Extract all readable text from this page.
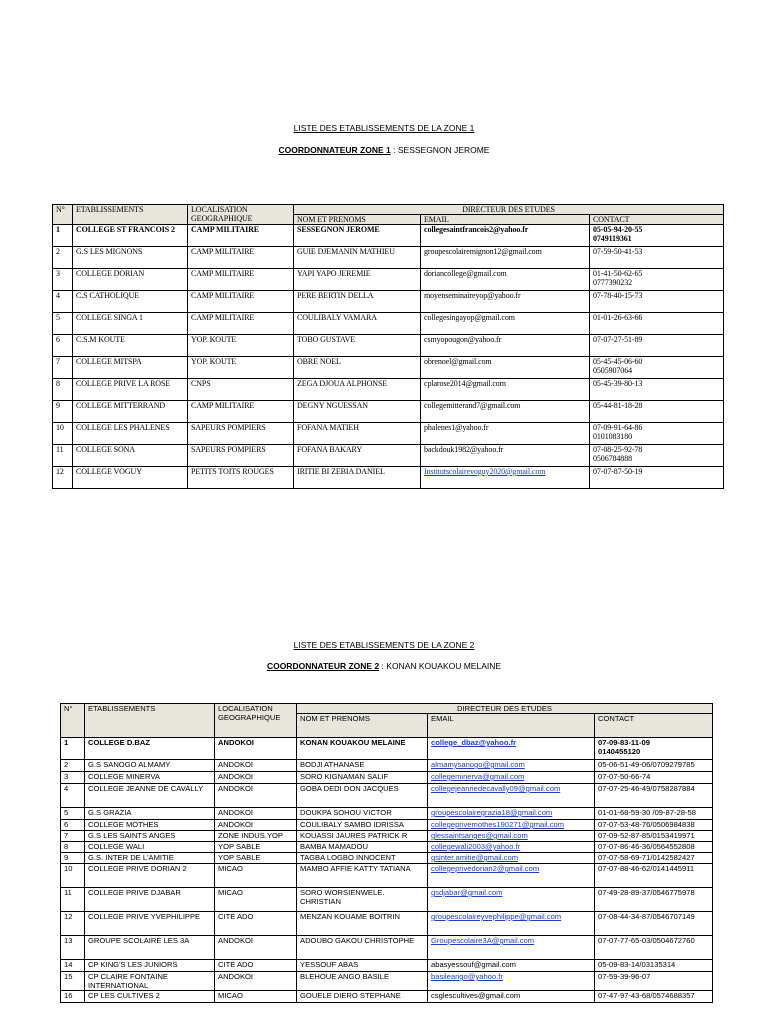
LISTE DES ETABLISSEMENTS DE LA ZONE 1
COORDONNATEUR ZONE 1 : SESSEGNON JEROME
N°	ETABLISSEMENTS	LOCALISATION GEOGRAPHIQUE	DIRECTEUR DES ETUDES		
			NOM ET PRENOMS	EMAIL	CONTACT
1	COLLEGE ST FRANCOIS 2	CAMP MILITAIRE	SESSEGNON JEROME	collegesaintfrancois2@yahoo.fr	05-05-94-20-55
0749119361
2	G.S LES MIGNONS	CAMP MILITAIRE	GUIE DJEMANIN MATHIEU	groupescolairemignon12@gmail.com	07-59-50-41-53
3	COLLEGE DORIAN	CAMP MILITAIRE	YAPI YAPO JEREMIE	doriancollege@gmail.com	01-41-50-62-65
0777390232
4	C.S CATHOLIQUE	CAMP MILITAIRE	PERE BERTIN DELLA	moyenseminaireyop@yahoo.fr	07-78-40-15-73
5	COLLEGE SINGA 1	CAMP MILITAIRE	COULIBALY VAMARA	collegesingayop@gmail.com	01-01-26-63-66
6	C.S.M KOUTE	YOP. KOUTE	TOBO GUSTAVE	csmyopougon@yahoo.fr	07-07-27-51-89
7	COLLEGE MITSPA	YOP. KOUTE	OBRE NOEL	obrenoel@gmail.com	05-45-45-06-60
0505907064
8	COLLEGE PRIVE LA ROSE	CNPS	ZEGA DJOUA ALPHONSE	cplarose2014@gmail.com	05-45-39-80-13
9	COLLEGE MITTERRAND	CAMP MILITAIRE	DEGNY NGUESSAN	collegemitterand7@gmail.com	05-44-81-18-28
10	COLLEGE LES PHALENES	SAPEURS POMPIERS	FOFANA MATIEH	phalenes1@yahoo.fr	07-09-91-64-86
0101083180
11	COLLEGE SONA	SAPEURS POMPIERS	FOFANA BAKARY	backdouk1982@yahoo.fr	07-08-25-92-78
0506784888
12	COLLEGE VOGUY	PETITS TOITS ROUGES	IRITIE BI ZEBIA DANIEL	Institutscolairevoguy2020@gmail.com	07-07-87-50-19
LISTE DES ETABLISSEMENTS DE LA ZONE 2
COORDONNATEUR ZONE 2 : KONAN KOUAKOU MELAINE
N°	ETABLISSEMENTS	LOCALISATION GEOGRAPHIQUE	DIRECTEUR DES ETUDES		
			NOM ET PRENOMS	EMAIL	CONTACT
1	COLLEGE D.BAZ	ANDOKOI	KONAN KOUAKOU MELAINE	college_dbaz@yahoo.fr	07-09-83-11-09
0140455120
2	G.S SANOGO ALMAMY	ANDOKOI	BODJI ATHANASE	almamysanogo@gmail.com	05-06-51-49-06/0709279785
3	COLLEGE MINERVA	ANDOKOI	SORO KIGNAMAN SALIF	collegeminerva@gmail.com	07-07-50-66-74
4	COLLEGE JEANNE DE CAVALLY	ANDOKOI	GOBA DEDI DON JACQUES	collegejeannedecavally09@gmail.com	07-07-25-46-49/0758287884
5	G.S GRAZIA	ANDOKOI	DOUKPA SOHOU VICTOR	groupescolairegrazia18@gmail.com	01-01-68-59-30 /09-87-28-58
6	COLLEGE MOTHES	ANDOKOI	COULIBALY SAMBO IDRISSA	collegeprivemothes190271@gmail.com	07-07-53-48-76/0506984838
7	G.S LES SAINTS ANGES	ZONE INDUS.YOP	KOUASSI JAURES PATRICK R	glessaintsanges@gmail.com	07-09-52-87-85/0153419971
8	COLLEGE WALI	YOP SABLE	BAMBA MAMADOU	collegewali2003@yahoo.fr	07-07-86-46-36/0564552808
9	G.S. INTER DE L'AMITIE	YOP SABLE	TAGBA LOGBO INNOCENT	gsinter.amitie@gmail.com	07-07-58-69-71/0142582427
10	COLLEGE PRIVE DORIAN 2	MICAO	MAMBO AFFIE KATTY TATIANA	collegeprivedorian2@gmail.com	07-07-88-46-62/0141445911
11	COLLEGE PRIVE DJABAR	MICAO	SORO WORSIENWELE. CHRISTIAN	gsdjabar@gmail.com	07-49-28-89-37/0546775978
12	COLLEGE PRIVE YVEPHILIPPE	CITE ADO	MENZAN KOUAME BOITRIN	groupescolaireyvephilippe@gmail.com	07-08-44-34-87/0546707149
13	GROUPE SCOLAIRE LES 3A	ANDOKOI	ADOUBO GAKOU CHRISTOPHE	Groupescolaire3A@gmail.com	07-07-77-65-03/0504672760
14	CP KING'S LES JUNIORS	CITE ADO	YESSOUF ABAS	abasyessouf@gmail.com	05-09-83-14/03135314
15	CP CLAIRE FONTAINE INTERNATIONAL	ANDOKOI	BLEHOUE ANGO BASILE	basileango@yahoo.fr	07-59-39-96-07
16	CP LES CULTIVES 2	MICAO	GOUELE DIERO STEPHANE	csglescultives@gmail.com	07-47-97-43-68/0574688357
